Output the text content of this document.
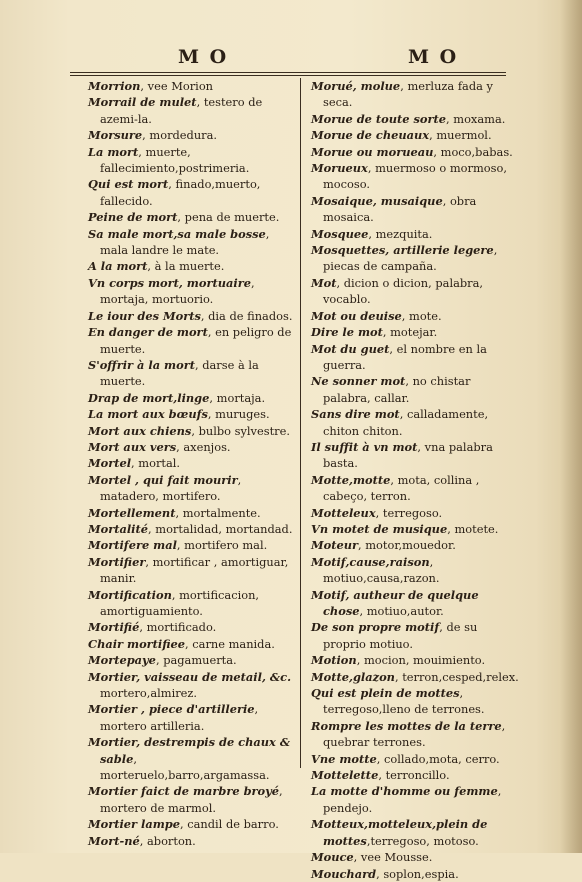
M O	M O

Morrion, vee Morion

Morrail de mulet, testero de azemi-la.

Morsure, mordedura.

La mort, muerte, fallecimiento,postrimeria.

Qui est mort, finado,muerto, fallecido.

Peine de mort, pena de muerte.

Sa male mort,sa male bosse, mala landre le mate.

A la mort, à la muerte.

Vn corps mort, mortuaire, mortaja, mortuorio.

Le iour des Morts, dia de finados.

En danger de mort, en peligro de muerte.

S'offrir à la mort, darse à la muerte.

Drap de mort,linge, mortaja.

La mort aux bœufs, muruges.

Mort aux chiens, bulbo sylvestre.

Mort aux vers, axenjos.

Mortel, mortal.

Mortel , qui fait mourir, matadero, mortifero.

Mortellement, mortalmente.

Mortalité, mortalidad, mortandad.

Mortifere mal, mortifero mal.

Mortifier, mortificar , amortiguar, manir.

Mortification, mortificacion, amortiguamiento.

Mortifié, mortificado.

Chair mortifiee, carne manida.

Mortepaye, pagamuerta.

Mortier, vaisseau de metail, &c. mortero,almirez.

Mortier , piece d'artillerie, mortero artilleria.

Mortier, destrempis de chaux & sable, morteruelo,barro,argamassa.

Mortier faict de marbre broyé, mortero de marmol.

Mortier lampe, candil de barro.

Mort-né, aborton.

Morué, molue, merluza fada y seca.

Morue de toute sorte, moxama.

Morue de cheuaux, muermol.

Morue ou morueau, moco,babas.

Morueux, muermoso o mormoso, mocoso.

Mosaique, musaique, obra mosaica.

Mosquee, mezquita.

Mosquettes, artillerie legere, piecas de campaña.

Mot, dicion o dicion, palabra, vocablo.

Mot ou deuise, mote.

Dire le mot, motejar.

Mot du guet, el nombre en la guerra.

Ne sonner mot, no chistar palabra, callar.

Sans dire mot, calladamente, chiton chiton.

Il suffit à vn mot, vna palabra basta.

Motte,motte, mota, collina , cabeço, terron.

Motteleux, terregoso.

Vn motet de musique, motete.

Moteur, motor,mouedor.

Motif,cause,raison, motiuo,causa,razon.

Motif, autheur de quelque chose, motiuo,autor.

De son propre motif, de su proprio motiuo.

Motion, mocion, mouimiento.

Motte,glazon, terron,cesped,relex.

Qui est plein de mottes, terregoso,lleno de terrones.

Rompre les mottes de la terre, quebrar terrones.

Vne motte, collado,mota, cerro.

Mottelette, terroncillo.

La motte d'homme ou femme, pendejo.

Motteux,motteleux,plein de mottes,terregoso, motoso.

Mouce, vee Mousse.

Mouchard, soplon,espia.
